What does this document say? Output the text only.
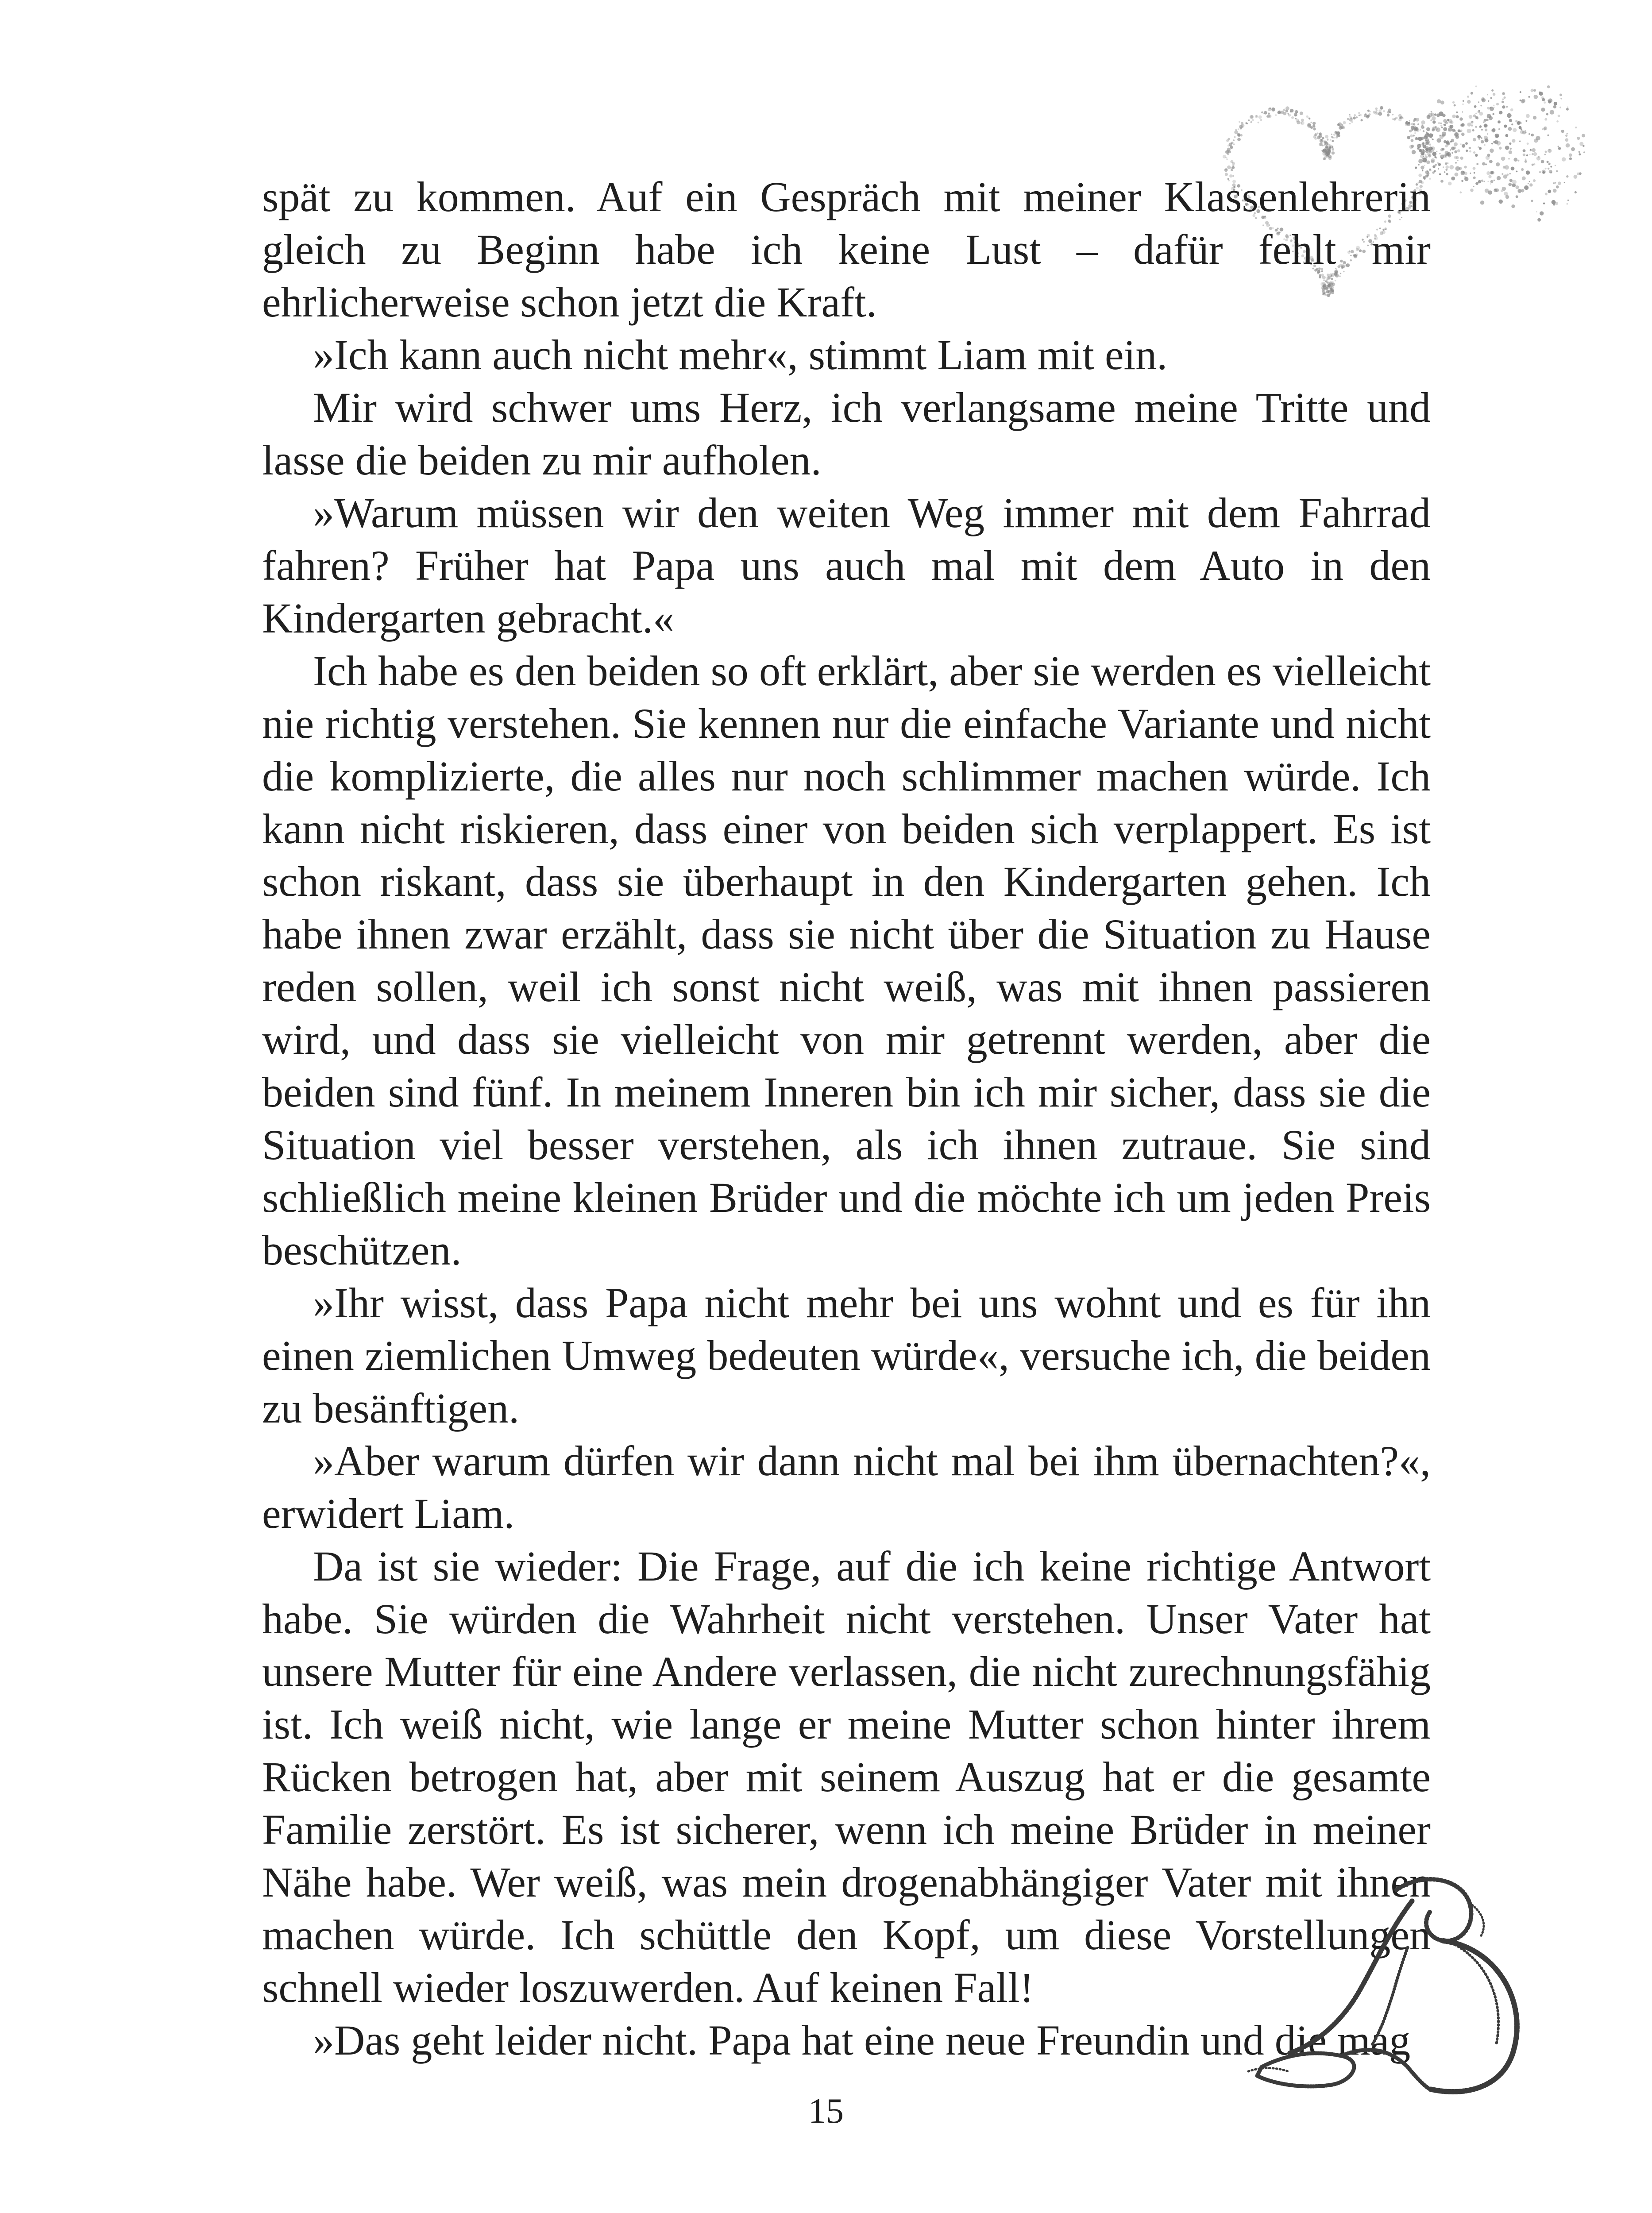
spät zu kommen. Auf ein Gespräch mit meiner Klassenlehrerin gleich zu Beginn habe ich keine Lust – dafür fehlt mir ehrlicherweise schon jetzt die Kraft.

»Ich kann auch nicht mehr«, stimmt Liam mit ein.

Mir wird schwer ums Herz, ich verlangsame meine Tritte und lasse die beiden zu mir aufholen.

»Warum müssen wir den weiten Weg immer mit dem Fahrrad fahren? Früher hat Papa uns auch mal mit dem Auto in den Kindergarten gebracht.«

Ich habe es den beiden so oft erklärt, aber sie werden es vielleicht nie richtig verstehen. Sie kennen nur die einfache Variante und nicht die komplizierte, die alles nur noch schlimmer machen würde. Ich kann nicht riskieren, dass einer von beiden sich verplappert. Es ist schon riskant, dass sie überhaupt in den Kindergarten gehen. Ich habe ihnen zwar erzählt, dass sie nicht über die Situation zu Hause reden sollen, weil ich sonst nicht weiß, was mit ihnen passieren wird, und dass sie vielleicht von mir getrennt werden, aber die beiden sind fünf. In meinem Inneren bin ich mir sicher, dass sie die Situation viel besser verstehen, als ich ihnen zutraue. Sie sind schließlich meine kleinen Brüder und die möchte ich um jeden Preis beschützen.

»Ihr wisst, dass Papa nicht mehr bei uns wohnt und es für ihn einen ziemlichen Umweg bedeuten würde«, versuche ich, die beiden zu besänftigen.

»Aber warum dürfen wir dann nicht mal bei ihm übernachten?«, erwidert Liam.

Da ist sie wieder: Die Frage, auf die ich keine richtige Antwort habe. Sie würden die Wahrheit nicht verstehen. Unser Vater hat unsere Mutter für eine Andere verlassen, die nicht zurechnungsfähig ist. Ich weiß nicht, wie lange er meine Mutter schon hinter ihrem Rücken betrogen hat, aber mit seinem Auszug hat er die gesamte Familie zerstört. Es ist sicherer, wenn ich meine Brüder in meiner Nähe habe. Wer weiß, was mein drogenabhängiger Vater mit ihnen machen würde. Ich schüttle den Kopf, um diese Vorstellungen schnell wieder loszuwerden. Auf keinen Fall!

»Das geht leider nicht. Papa hat eine neue Freundin und die mag

15
